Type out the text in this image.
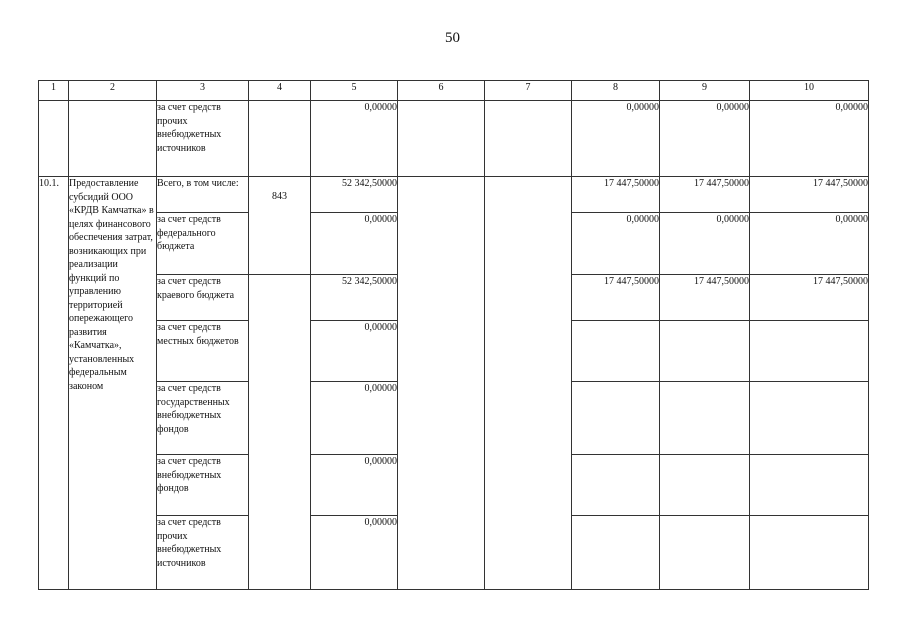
50
1	2	3	4	5	6	7	8	9	10
		за счет средств прочих внебюджетных источников		0,00000			0,00000	0,00000	0,00000
10.1.	Предоставление субсидий ООО «КРДВ Камчатка» в целях финансового обеспечения затрат, возникающих при реализации функций по управлению территорией опережающего развития «Камчатка», установленных федеральным законом	Всего, в том числе:	843	52 342,50000			17 447,50000	17 447,50000	17 447,50000
		за счет средств федерального бюджета		0,00000			0,00000	0,00000	0,00000
		за счет средств краевого бюджета		52 342,50000			17 447,50000	17 447,50000	17 447,50000
		за счет средств местных бюджетов		0,00000					
		за счет средств государственных внебюджетных фондов		0,00000					
		за счет средств внебюджетных фондов		0,00000					
		за счет средств прочих внебюджетных источников		0,00000					
